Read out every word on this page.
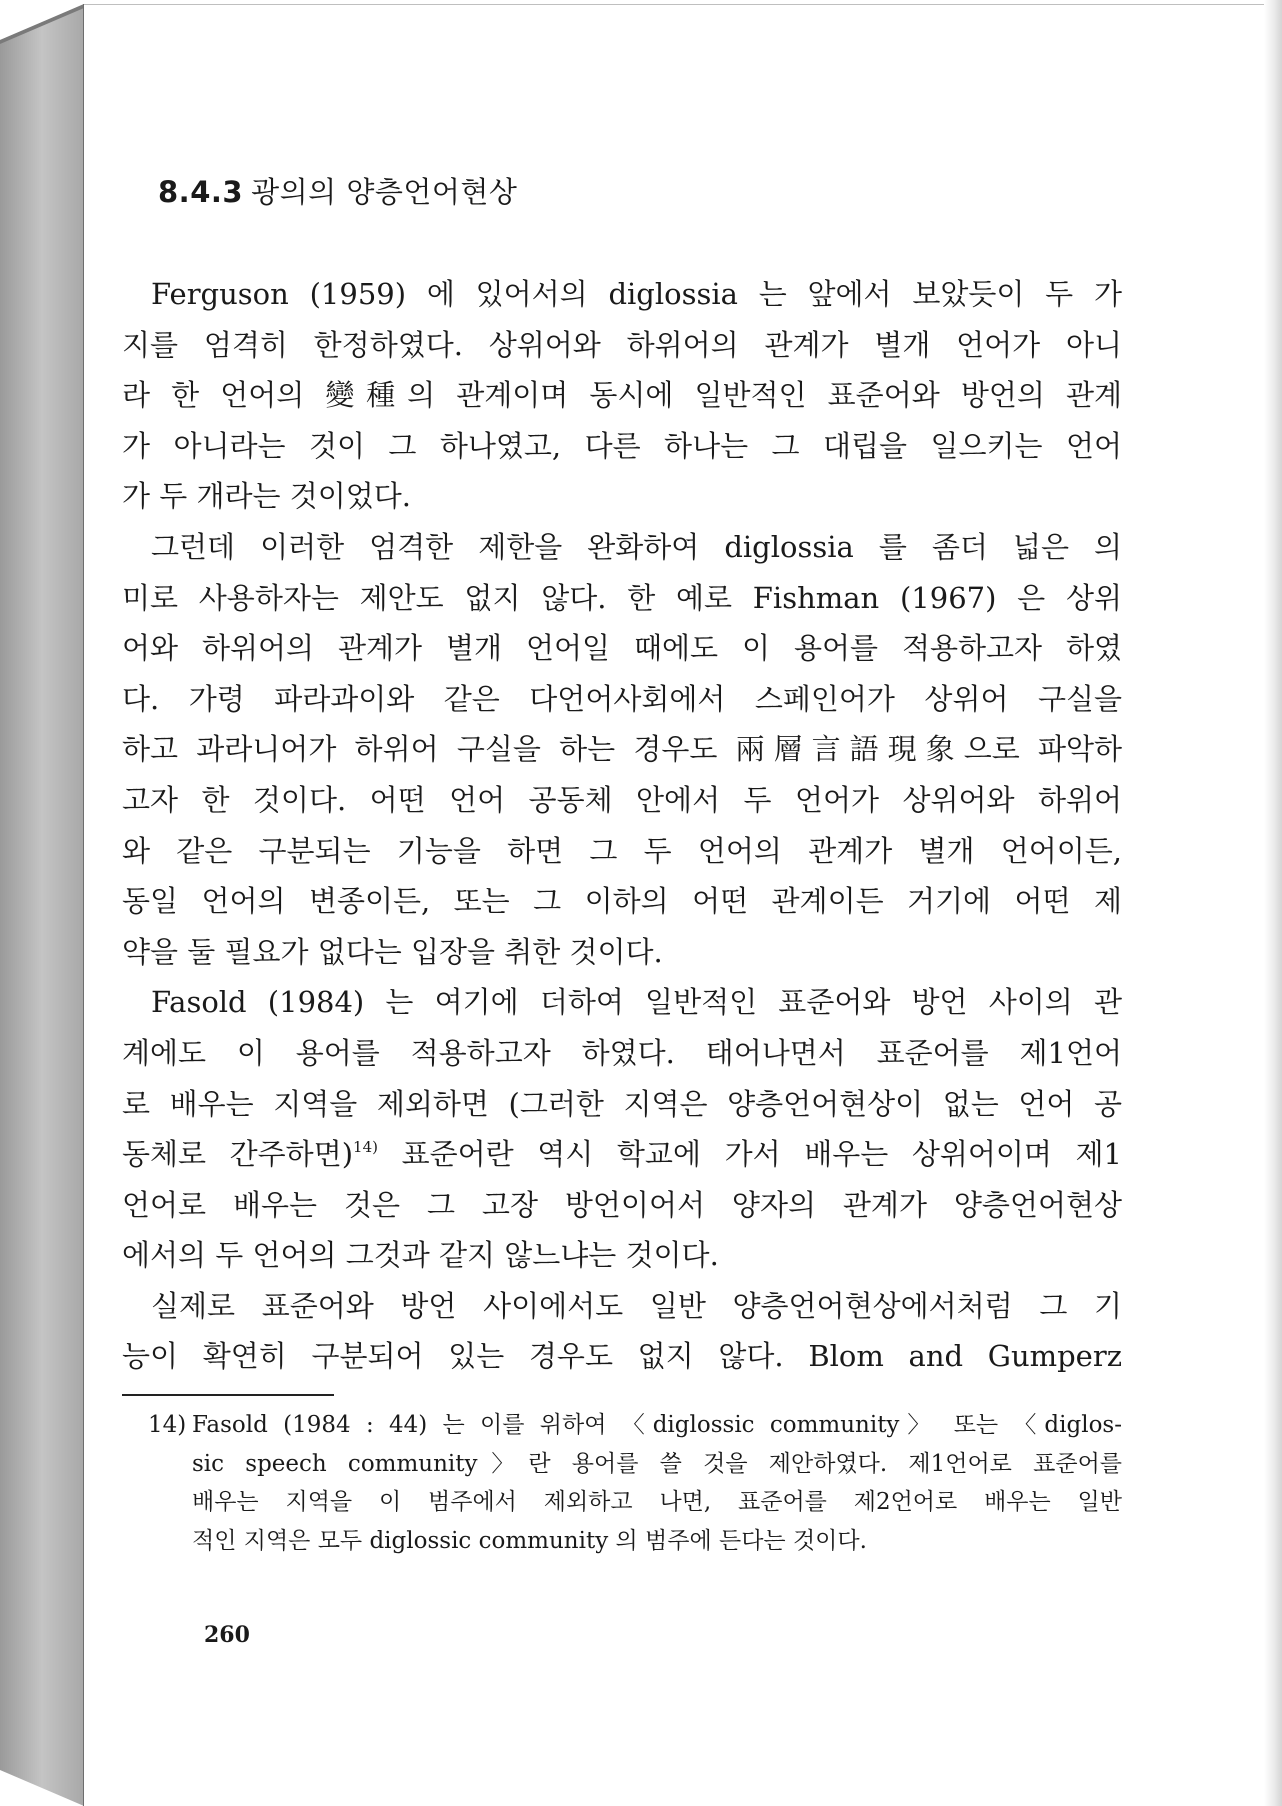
8.4.3 광의의 양층언어현상
Ferguson (1959) 에 있어서의 diglossia 는 앞에서 보았듯이 두 가
지를 엄격히 한정하였다. 상위어와 하위어의 관계가 별개 언어가 아니
라 한 언어의 變種의 관계이며 동시에 일반적인 표준어와 방언의 관계
가 아니라는 것이 그 하나였고, 다른 하나는 그 대립을 일으키는 언어
가 두 개라는 것이었다.
그런데 이러한 엄격한 제한을 완화하여 diglossia 를 좀더 넓은 의
미로 사용하자는 제안도 없지 않다. 한 예로 Fishman (1967) 은 상위
어와 하위어의 관계가 별개 언어일 때에도 이 용어를 적용하고자 하였
다. 가령 파라과이와 같은 다언어사회에서 스페인어가 상위어 구실을
하고 과라니어가 하위어 구실을 하는 경우도 兩層言語現象으로 파악하
고자 한 것이다. 어떤 언어 공동체 안에서 두 언어가 상위어와 하위어
와 같은 구분되는 기능을 하면 그 두 언어의 관계가 별개 언어이든,
동일 언어의 변종이든, 또는 그 이하의 어떤 관계이든 거기에 어떤 제
약을 둘 필요가 없다는 입장을 취한 것이다.
Fasold (1984) 는 여기에 더하여 일반적인 표준어와 방언 사이의 관
계에도 이 용어를 적용하고자 하였다. 태어나면서 표준어를 제1언어
로 배우는 지역을 제외하면 (그러한 지역은 양층언어현상이 없는 언어 공
동체로 간주하면)$^{14)}$ 표준어란 역시 학교에 가서 배우는 상위어이며 제1
언어로 배우는 것은 그 고장 방언이어서 양자의 관계가 양층언어현상
에서의 두 언어의 그것과 같지 않느냐는 것이다.
실제로 표준어와 방언 사이에서도 일반 양층언어현상에서처럼 그 기
능이 확연히 구분되어 있는 경우도 없지 않다. Blom and Gumperz
14) Fasold (1984 : 44) 는 이를 위하여 〈diglossic community〉 또는 〈diglos-
sic speech community〉란 용어를 쓸 것을 제안하였다. 제1언어로 표준어를
배우는 지역을 이 범주에서 제외하고 나면, 표준어를 제2언어로 배우는 일반
적인 지역은 모두 diglossic community 의 범주에 든다는 것이다.
260
